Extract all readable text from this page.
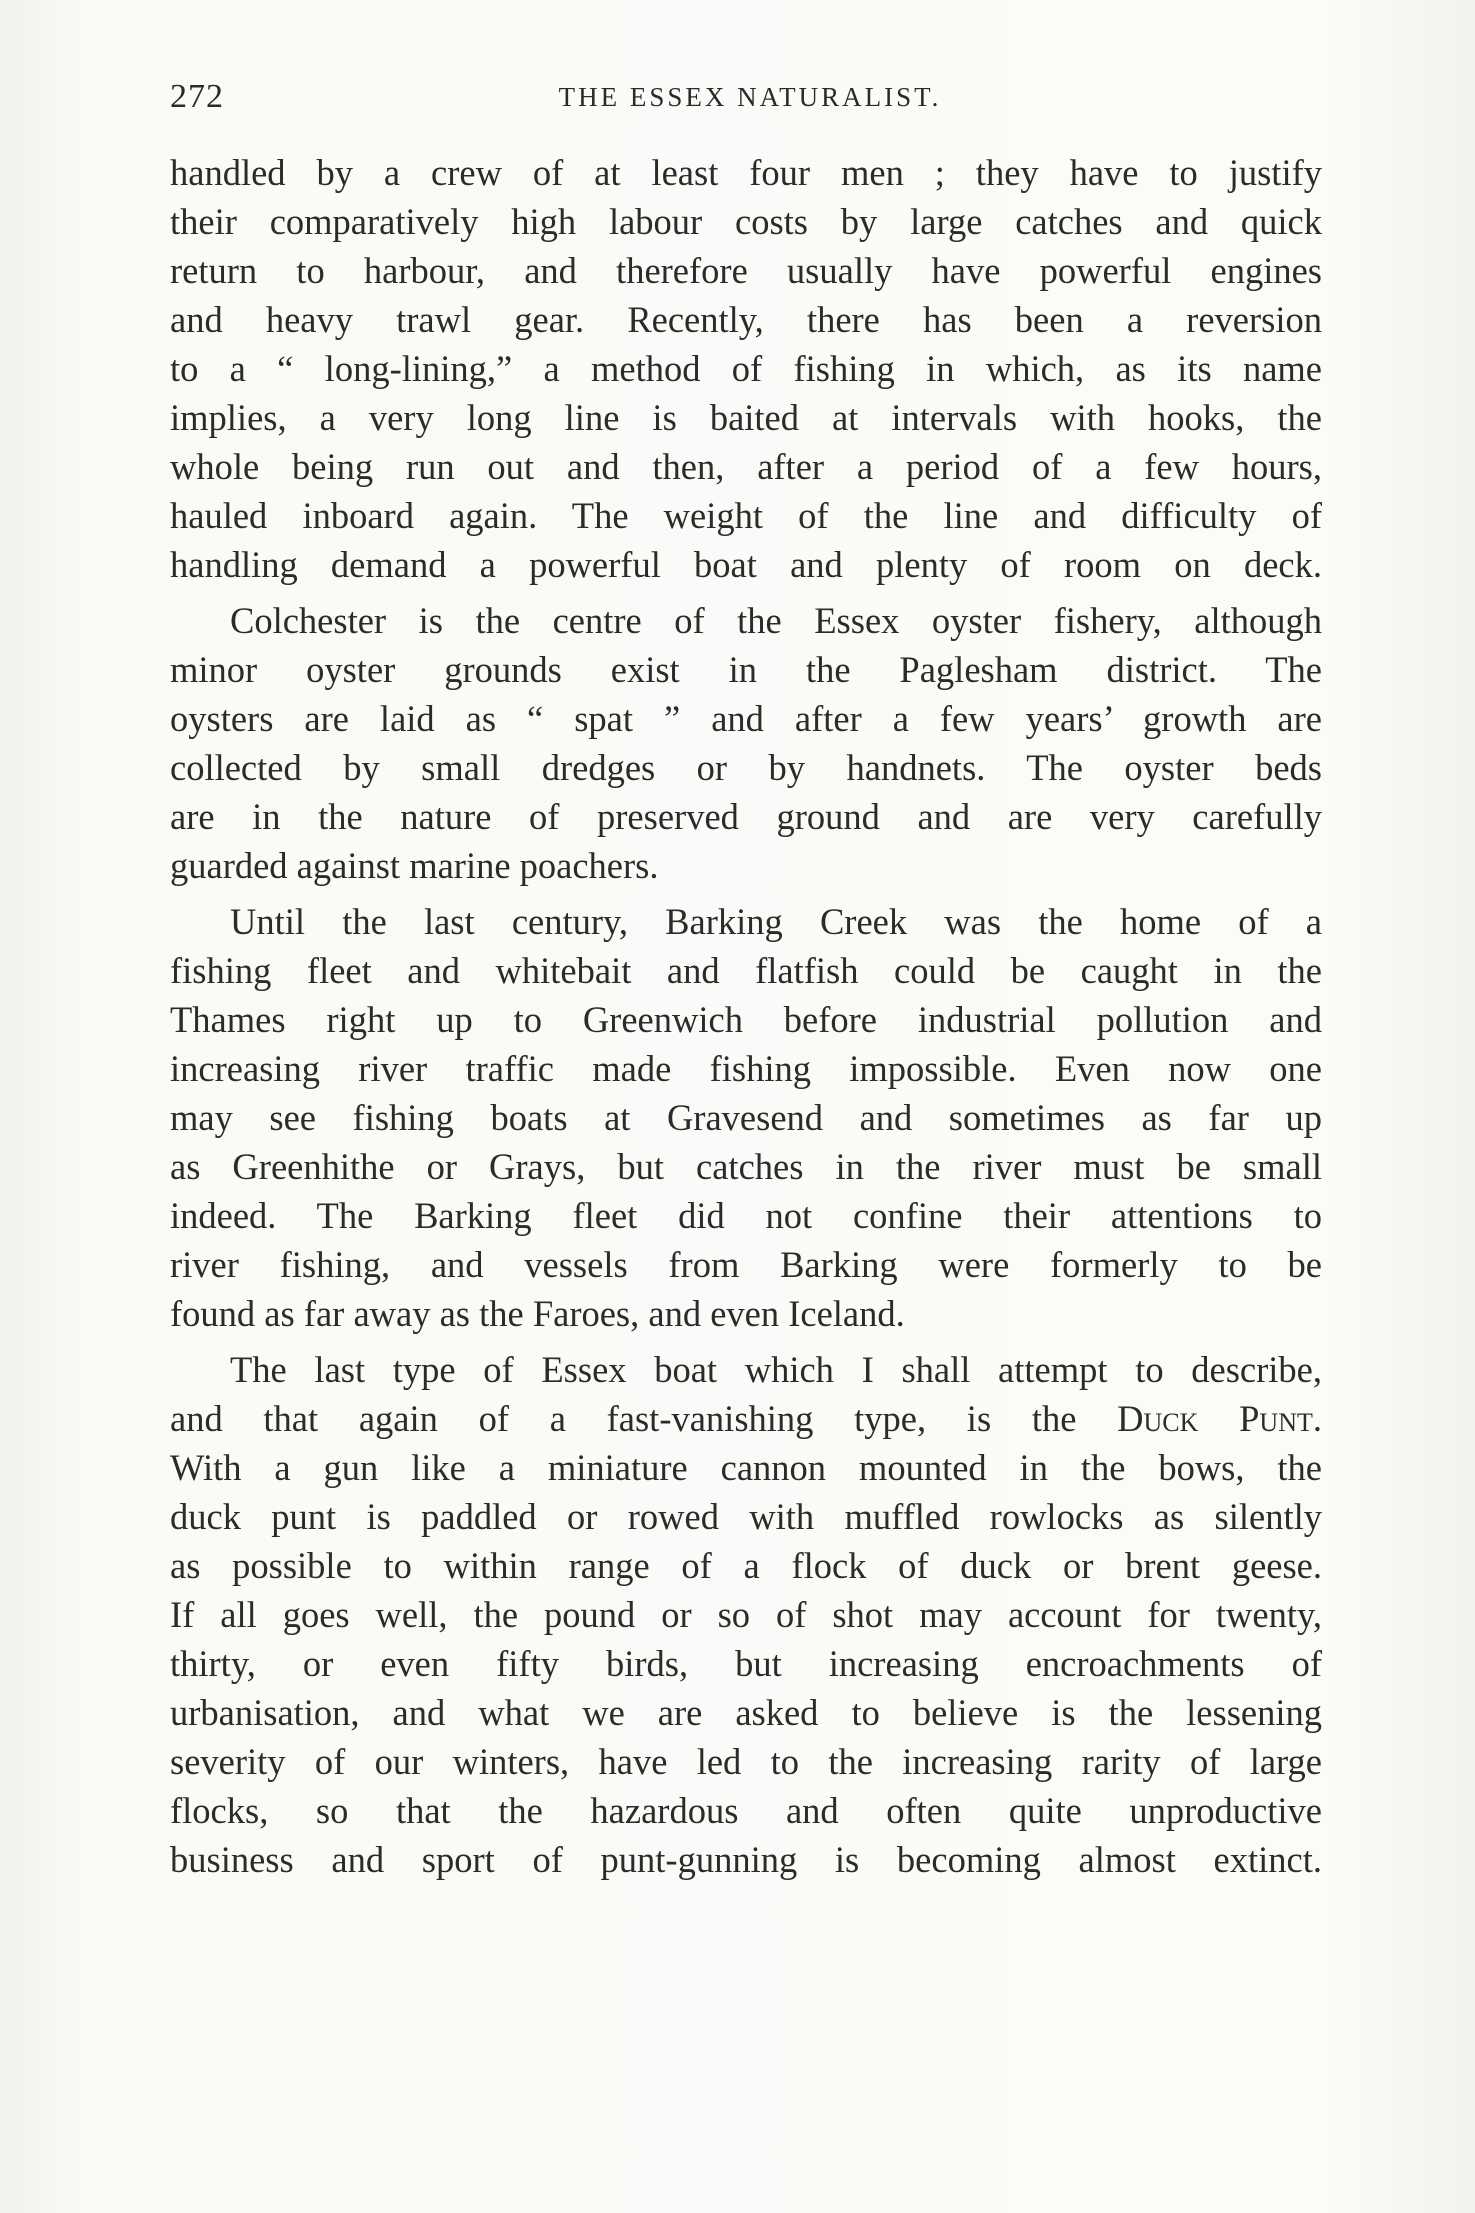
272	THE ESSEX NATURALIST.

handled by a crew of at least four men ; they have to justify
their comparatively high labour costs by large catches and quick
return to harbour, and therefore usually have powerful engines
and heavy trawl gear. Recently, there has been a reversion
to a “ long-lining,” a method of fishing in which, as its name
implies, a very long line is baited at intervals with hooks, the
whole being run out and then, after a period of a few hours,
hauled inboard again. The weight of the line and difficulty of
handling demand a powerful boat and plenty of room on deck.

Colchester is the centre of the Essex oyster fishery, although
minor oyster grounds exist in the Paglesham district. The
oysters are laid as “ spat ” and after a few years’ growth are
collected by small dredges or by handnets. The oyster beds
are in the nature of preserved ground and are very carefully
guarded against marine poachers.

Until the last century, Barking Creek was the home of a
fishing fleet and whitebait and flatfish could be caught in the
Thames right up to Greenwich before industrial pollution and
increasing river traffic made fishing impossible. Even now one
may see fishing boats at Gravesend and sometimes as far up
as Greenhithe or Grays, but catches in the river must be small
indeed. The Barking fleet did not confine their attentions to
river fishing, and vessels from Barking were formerly to be
found as far away as the Faroes, and even Iceland.

The last type of Essex boat which I shall attempt to describe,
and that again of a fast-vanishing type, is the Duck Punt.
With a gun like a miniature cannon mounted in the bows, the
duck punt is paddled or rowed with muffled rowlocks as silently
as possible to within range of a flock of duck or brent geese.
If all goes well, the pound or so of shot may account for twenty,
thirty, or even fifty birds, but increasing encroachments of
urbanisation, and what we are asked to believe is the lessening
severity of our winters, have led to the increasing rarity of large
flocks, so that the hazardous and often quite unproductive
business and sport of punt-gunning is becoming almost extinct.
